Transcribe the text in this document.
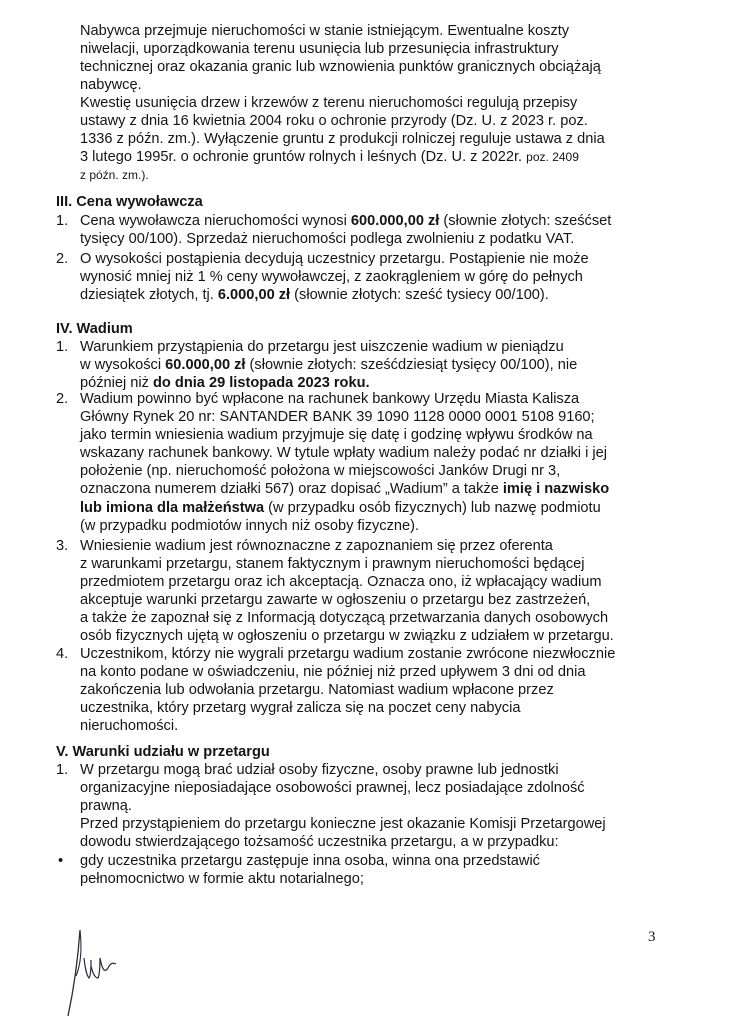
Nabywca przejmuje nieruchomości w stanie istniejącym. Ewentualne koszty
niwelacji, uporządkowania terenu usunięcia lub przesunięcia infrastruktury
technicznej oraz okazania granic lub wznowienia punktów granicznych obciążają
nabywcę.
Kwestię usunięcia drzew i krzewów z terenu nieruchomości regulują przepisy
ustawy z dnia 16 kwietnia 2004 roku o ochronie przyrody (Dz. U. z 2023 r. poz.
1336 z późn. zm.). Wyłączenie gruntu z produkcji rolniczej reguluje ustawa z dnia
3 lutego 1995r. o ochronie gruntów rolnych i leśnych (Dz. U. z 2022r. poz. 2409
z późn. zm.).
III. Cena wywoławcza
1. Cena wywoławcza nieruchomości wynosi 600.000,00 zł (słownie złotych: sześćset
tysięcy 00/100). Sprzedaż nieruchomości podlega zwolnieniu z podatku VAT.
2. O wysokości postąpienia decydują uczestnicy przetargu. Postąpienie nie może
wynosić mniej niż 1 % ceny wywoławczej, z zaokrągleniem w górę do pełnych
dziesiątek złotych, tj. 6.000,00 zł (słownie złotych: sześć tysiecy 00/100).
IV. Wadium
1. Warunkiem przystąpienia do przetargu jest uiszczenie wadium w pieniądzu
w wysokości 60.000,00 zł (słownie złotych: sześćdziesiąt tysięcy 00/100), nie
później niż do dnia 29 listopada 2023 roku.
2. Wadium powinno być wpłacone na rachunek bankowy Urzędu Miasta Kalisza
Główny Rynek 20 nr: SANTANDER BANK 39 1090 1128 0000 0001 5108 9160;
jako termin wniesienia wadium przyjmuje się datę i godzinę wpływu środków na
wskazany rachunek bankowy. W tytule wpłaty wadium należy podać nr działki i jej
położenie (np. nieruchomość położona w miejscowości Janków Drugi nr 3,
oznaczona numerem działki 567) oraz dopisać „Wadium” a także imię i nazwisko
lub imiona dla małżeństwa (w przypadku osób fizycznych) lub nazwę podmiotu
(w przypadku podmiotów innych niż osoby fizyczne).
3. Wniesienie wadium jest równoznaczne z zapoznaniem się przez oferenta
z warunkami przetargu, stanem faktycznym i prawnym nieruchomości będącej
przedmiotem przetargu oraz ich akceptacją. Oznacza ono, iż wpłacający wadium
akceptuje warunki przetargu zawarte w ogłoszeniu o przetargu bez zastrzeżeń,
a także że zapoznał się z Informacją dotyczącą przetwarzania danych osobowych
osób fizycznych ujętą w ogłoszeniu o przetargu w związku z udziałem w przetargu.
4. Uczestnikom, którzy nie wygrali przetargu wadium zostanie zwrócone niezwłocznie
na konto podane w oświadczeniu, nie później niż przed upływem 3 dni od dnia
zakończenia lub odwołania przetargu. Natomiast wadium wpłacone przez
uczestnika, który przetarg wygrał zalicza się na poczet ceny nabycia
nieruchomości.
V. Warunki udziału w przetargu
1. W przetargu mogą brać udział osoby fizyczne, osoby prawne lub jednostki
organizacyjne nieposiadające osobowości prawnej, lecz posiadające zdolność
prawną.
Przed przystąpieniem do przetargu konieczne jest okazanie Komisji Przetargowej
dowodu stwierdzającego tożsamość uczestnika przetargu, a w przypadku:
• gdy uczestnika przetargu zastępuje inna osoba, winna ona przedstawić
pełnomocnictwo w formie aktu notarialnego;
3
